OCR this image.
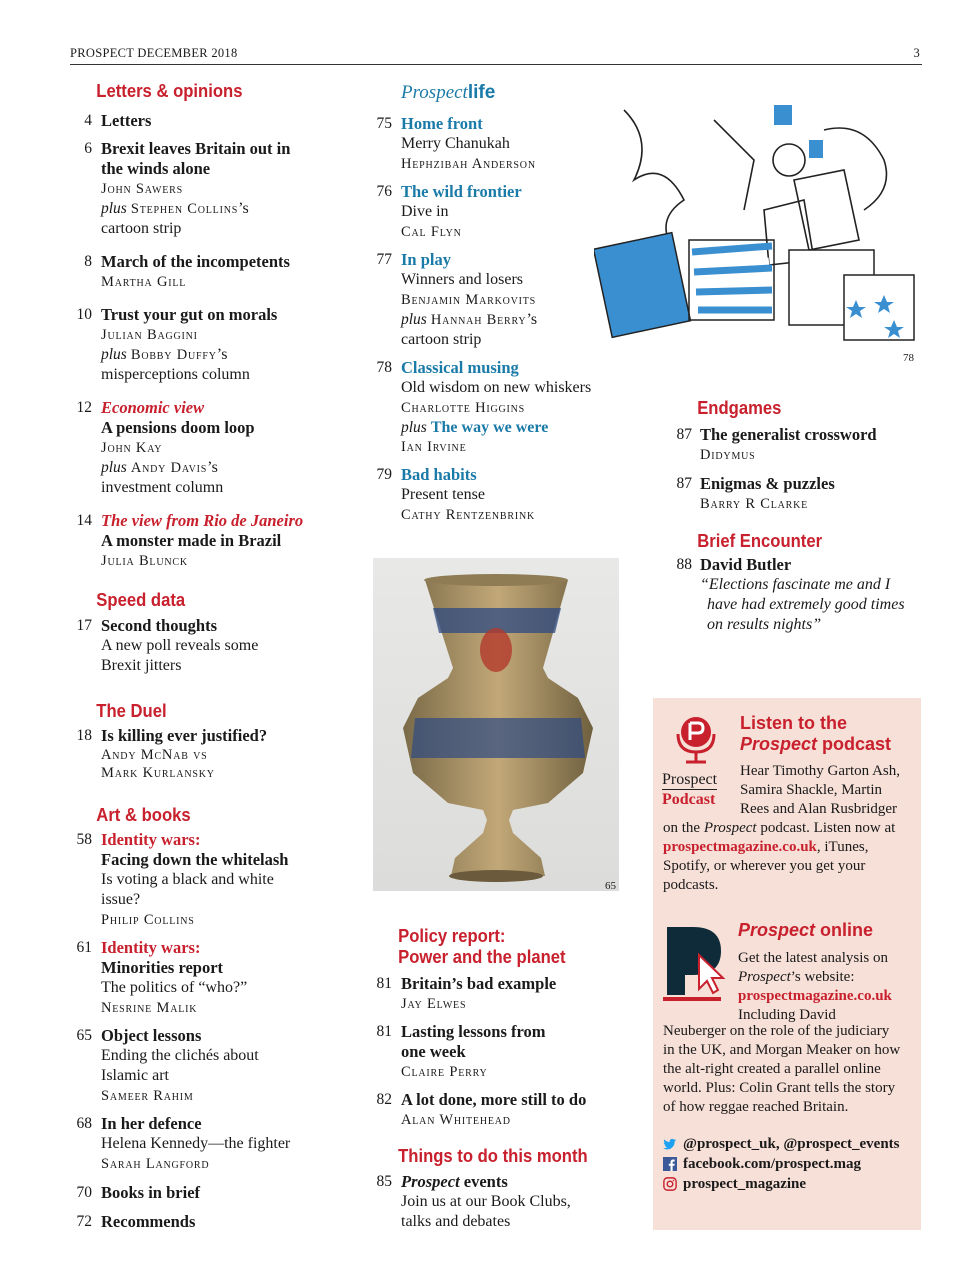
PROSPECT DECEMBER 2018	3
Letters & opinions
4 Letters
6 Brexit leaves Britain out in
the winds alone
John Sawers
plus Stephen Collins’s
cartoon strip
8 March of the incompetents
Martha Gill
10 Trust your gut on morals
Julian Baggini
plus Bobby Duffy’s
misperceptions column
12 Economic view
A pensions doom loop
John Kay
plus Andy Davis’s
investment column
14 The view from Rio de Janeiro
A monster made in Brazil
Julia Blunck
Speed data
17 Second thoughts
A new poll reveals some
Brexit jitters
The Duel
18 Is killing ever justified?
Andy McNab vs
Mark Kurlansky
Art & books
58 Identity wars:
Facing down the whitelash
Is voting a black and white
issue?
Philip Collins
61 Identity wars:
Minorities report
The politics of “who?”
Nesrine Malik
65 Object lessons
Ending the clichés about
Islamic art
Sameer Rahim
68 In her defence
Helena Kennedy—the fighter
Sarah Langford
70 Books in brief
72 Recommends
Prospectlife
75 Home front
Merry Chanukah
Hephzibah Anderson
76 The wild frontier
Dive in
Cal Flyn
77 In play
Winners and losers
Benjamin Markovits
plus Hannah Berry’s
cartoon strip
78 Classical musing
Old wisdom on new whiskers
Charlotte Higgins
plus The way we were
Ian Irvine
79 Bad habits
Present tense
Cathy Rentzenbrink
65
Policy report:
Power and the planet
81 Britain’s bad example
Jay Elwes
81 Lasting lessons from
one week
Claire Perry
82 A lot done, more still to do
Alan Whitehead
Things to do this month
85 Prospect events
Join us at our Book Clubs,
talks and debates
78
Endgames
87 The generalist crossword
Didymus
87 Enigmas & puzzles
Barry R Clarke
Brief Encounter
88 David Butler
“Elections fascinate me and I
have had extremely good times
on results nights”
Prospect
Podcast
Listen to the
Prospect podcast
Hear Timothy Garton Ash,
Samira Shackle, Martin
Rees and Alan Rusbridger
on the Prospect podcast. Listen now at
prospectmagazine.co.uk, iTunes,
Spotify, or wherever you get your
podcasts.
Prospect online
Get the latest analysis on
Prospect’s website:
prospectmagazine.co.uk
Including David
Neuberger on the role of the judiciary
in the UK, and Morgan Meaker on how
the alt-right created a parallel online
world. Plus: Colin Grant tells the story
of how reggae reached Britain.
@prospect_uk, @prospect_events
facebook.com/prospect.mag
prospect_magazine
